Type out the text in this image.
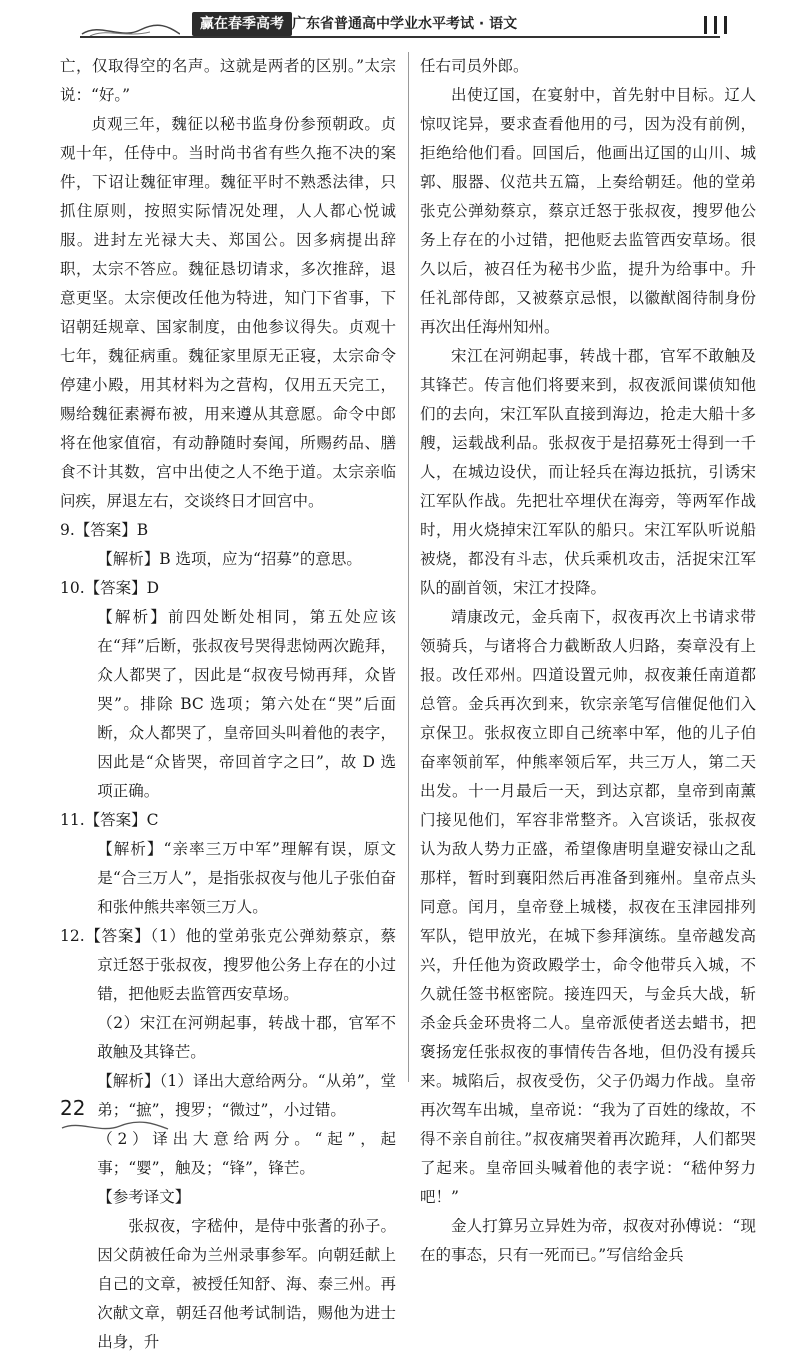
赢在春季高考 广东省普通高中学业水平考试 · 语文

亡，仅取得空的名声。这就是两者的区别。”太宗说：“好。”

贞观三年，魏征以秘书监身份参预朝政。贞观十年，任侍中。当时尚书省有些久拖不决的案件，下诏让魏征审理。魏征平时不熟悉法律，只抓住原则，按照实际情况处理，人人都心悦诚服。进封左光禄大夫、郑国公。因多病提出辞职，太宗不答应。魏征恳切请求，多次推辞，退意更坚。太宗便改任他为特进，知门下省事，下诏朝廷规章、国家制度，由他参议得失。贞观十七年，魏征病重。魏征家里原无正寝，太宗命令停建小殿，用其材料为之营构，仅用五天完工，赐给魏征素褥布被，用来遵从其意愿。命令中郎将在他家值宿，有动静随时奏闻，所赐药品、膳食不计其数，宫中出使之人不绝于道。太宗亲临问疾，屏退左右，交谈终日才回宫中。

9.【答案】B

【解析】B 选项，应为“招募”的意思。

10.【答案】D

【解析】前四处断处相同，第五处应该在“拜”后断，张叔夜号哭得悲恸两次跪拜，众人都哭了，因此是“叔夜号恸再拜，众皆哭”。排除 BC 选项；第六处在“哭”后面断，众人都哭了，皇帝回头叫着他的表字，因此是“众皆哭，帝回首字之曰”，故 D 选项正确。

11.【答案】C

【解析】“亲率三万中军”理解有误，原文是“合三万人”，是指张叔夜与他儿子张伯奋和张仲熊共率领三万人。

12.【答案】（1）他的堂弟张克公弹劾蔡京，蔡京迁怒于张叔夜，搜罗他公务上存在的小过错，把他贬去监管西安草场。

（2）宋江在河朔起事，转战十郡，官军不敢触及其锋芒。

【解析】（1）译出大意给两分。“从弟”，堂弟；“摭”，搜罗；“微过”，小过错。

（2）译出大意给两分。“起”，起事；“婴”，触及；“锋”，锋芒。

【参考译文】

张叔夜，字嵇仲，是侍中张耆的孙子。因父荫被任命为兰州录事参军。向朝廷献上自己的文章，被授任知舒、海、泰三州。再次献文章，朝廷召他考试制诰，赐他为进士出身，升

任右司员外郎。

出使辽国，在宴射中，首先射中目标。辽人惊叹诧异，要求查看他用的弓，因为没有前例，拒绝给他们看。回国后，他画出辽国的山川、城郭、服器、仪范共五篇，上奏给朝廷。他的堂弟张克公弹劾蔡京，蔡京迁怒于张叔夜，搜罗他公务上存在的小过错，把他贬去监管西安草场。很久以后，被召任为秘书少监，提升为给事中。升任礼部侍郎，又被蔡京忌恨，以徽猷阁待制身份再次出任海州知州。

宋江在河朔起事，转战十郡，官军不敢触及其锋芒。传言他们将要来到，叔夜派间谍侦知他们的去向，宋江军队直接到海边，抢走大船十多艘，运载战利品。张叔夜于是招募死士得到一千人，在城边设伏，而让轻兵在海边抵抗，引诱宋江军队作战。先把壮卒埋伏在海旁，等两军作战时，用火烧掉宋江军队的船只。宋江军队听说船被烧，都没有斗志，伏兵乘机攻击，活捉宋江军队的副首领，宋江才投降。

靖康改元，金兵南下，叔夜再次上书请求带领骑兵，与诸将合力截断敌人归路，奏章没有上报。改任邓州。四道设置元帅，叔夜兼任南道都总管。金兵再次到来，钦宗亲笔写信催促他们入京保卫。张叔夜立即自己统率中军，他的儿子伯奋率领前军，仲熊率领后军，共三万人，第二天出发。十一月最后一天，到达京都，皇帝到南薰门接见他们，军容非常整齐。入宫谈话，张叔夜认为敌人势力正盛，希望像唐明皇避安禄山之乱那样，暂时到襄阳然后再准备到雍州。皇帝点头同意。闰月，皇帝登上城楼，叔夜在玉津园排列军队，铠甲放光，在城下参拜演练。皇帝越发高兴，升任他为资政殿学士，命令他带兵入城，不久就任签书枢密院。接连四天，与金兵大战，斩杀金兵金环贵将二人。皇帝派使者送去蜡书，把褒扬宠任张叔夜的事情传告各地，但仍没有援兵来。城陷后，叔夜受伤，父子仍竭力作战。皇帝再次驾车出城，皇帝说：“我为了百姓的缘故，不得不亲自前往。”叔夜痛哭着再次跪拜，人们都哭了起来。皇帝回头喊着他的表字说：“嵇仲努力吧！”

金人打算另立异姓为帝，叔夜对孙傅说：“现在的事态，只有一死而已。”写信给金兵

22
